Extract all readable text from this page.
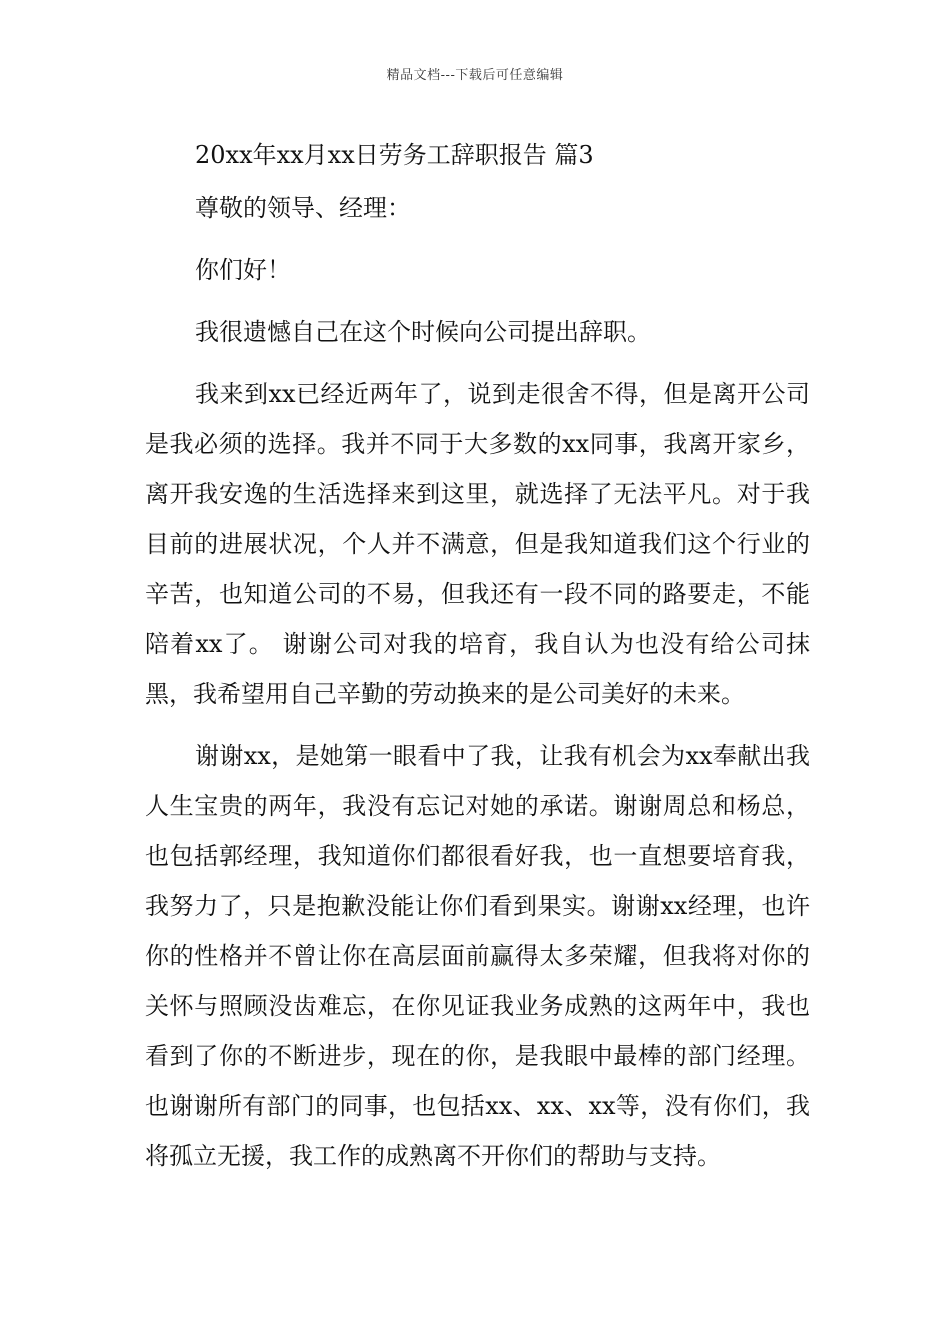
精品文档---下载后可任意编辑

20xx年xx月xx日劳务工辞职报告 篇3

尊敬的领导、经理：

你们好！

我很遗憾自己在这个时候向公司提出辞职。

我来到xx已经近两年了，说到走很舍不得，但是离开公司是我必须的选择。我并不同于大多数的xx同事，我离开家乡，离开我安逸的生活选择来到这里，就选择了无法平凡。对于我目前的进展状况，个人并不满意，但是我知道我们这个行业的辛苦，也知道公司的不易，但我还有一段不同的路要走，不能陪着xx了。 谢谢公司对我的培育，我自认为也没有给公司抹黑，我希望用自己辛勤的劳动换来的是公司美好的未来。

谢谢xx，是她第一眼看中了我，让我有机会为xx奉献出我人生宝贵的两年，我没有忘记对她的承诺。谢谢周总和杨总，也包括郭经理，我知道你们都很看好我，也一直想要培育我，我努力了，只是抱歉没能让你们看到果实。谢谢xx经理，也许你的性格并不曾让你在高层面前赢得太多荣耀，但我将对你的关怀与照顾没齿难忘，在你见证我业务成熟的这两年中，我也看到了你的不断进步，现在的你，是我眼中最棒的部门经理。也谢谢所有部门的同事，也包括xx、xx、xx等，没有你们，我将孤立无援，我工作的成熟离不开你们的帮助与支持。
